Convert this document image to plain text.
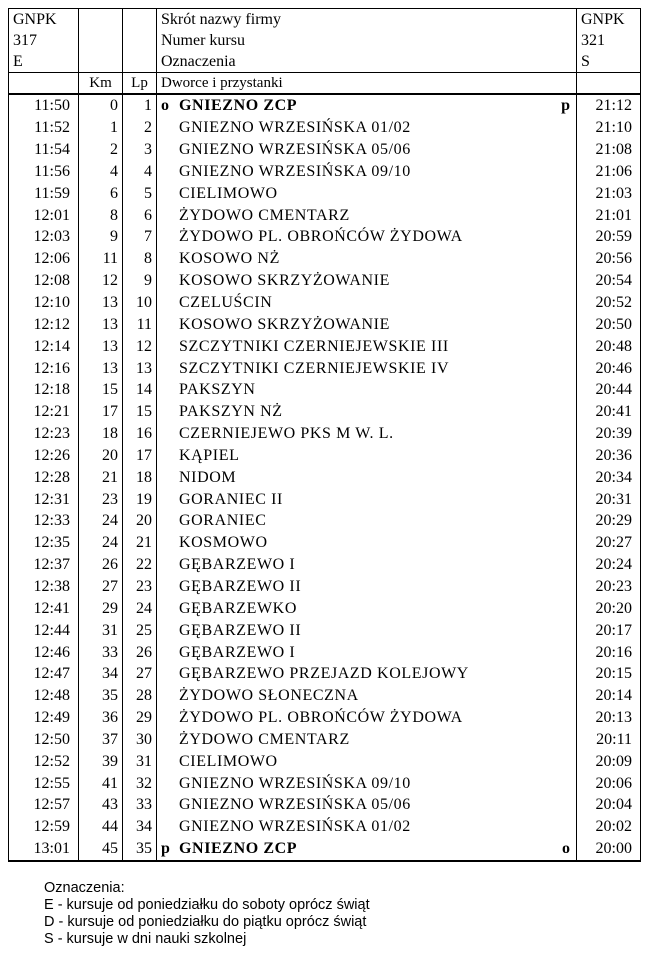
GNPK			Skrót nazwy firmy	GNPK
317			Numer kursu	321
E			Oznaczenia	S
	Km	Lp	Dworce i przystanki	
11:50	0	1	o GNIEZNO ZCP p	21:12
11:52	1	2	GNIEZNO WRZESIŃSKA 01/02	21:10
11:54	2	3	GNIEZNO WRZESIŃSKA 05/06	21:08
11:56	4	4	GNIEZNO WRZESIŃSKA 09/10	21:06
11:59	6	5	CIELIMOWO	21:03
12:01	8	6	ŻYDOWO CMENTARZ	21:01
12:03	9	7	ŻYDOWO PL. OBROŃCÓW ŻYDOWA	20:59
12:06	11	8	KOSOWO NŻ	20:56
12:08	12	9	KOSOWO SKRZYŻOWANIE	20:54
12:10	13	10	CZELUŚCIN	20:52
12:12	13	11	KOSOWO SKRZYŻOWANIE	20:50
12:14	13	12	SZCZYTNIKI CZERNIEJEWSKIE III	20:48
12:16	13	13	SZCZYTNIKI CZERNIEJEWSKIE IV	20:46
12:18	15	14	PAKSZYN	20:44
12:21	17	15	PAKSZYN NŻ	20:41
12:23	18	16	CZERNIEJEWO PKS M W. L.	20:39
12:26	20	17	KĄPIEL	20:36
12:28	21	18	NIDOM	20:34
12:31	23	19	GORANIEC II	20:31
12:33	24	20	GORANIEC	20:29
12:35	24	21	KOSMOWO	20:27
12:37	26	22	GĘBARZEWO I	20:24
12:38	27	23	GĘBARZEWO II	20:23
12:41	29	24	GĘBARZEWKO	20:20
12:44	31	25	GĘBARZEWO II	20:17
12:46	33	26	GĘBARZEWO I	20:16
12:47	34	27	GĘBARZEWO PRZEJAZD KOLEJOWY	20:15
12:48	35	28	ŻYDOWO SŁONECZNA	20:14
12:49	36	29	ŻYDOWO PL. OBROŃCÓW ŻYDOWA	20:13
12:50	37	30	ŻYDOWO CMENTARZ	20:11
12:52	39	31	CIELIMOWO	20:09
12:55	41	32	GNIEZNO WRZESIŃSKA 09/10	20:06
12:57	43	33	GNIEZNO WRZESIŃSKA 05/06	20:04
12:59	44	34	GNIEZNO WRZESIŃSKA 01/02	20:02
13:01	45	35	p GNIEZNO ZCP o	20:00
Oznaczenia:
E - kursuje od poniedziałku do soboty oprócz świąt
D - kursuje od poniedziałku do piątku oprócz świąt
S - kursuje w dni nauki szkolnej
